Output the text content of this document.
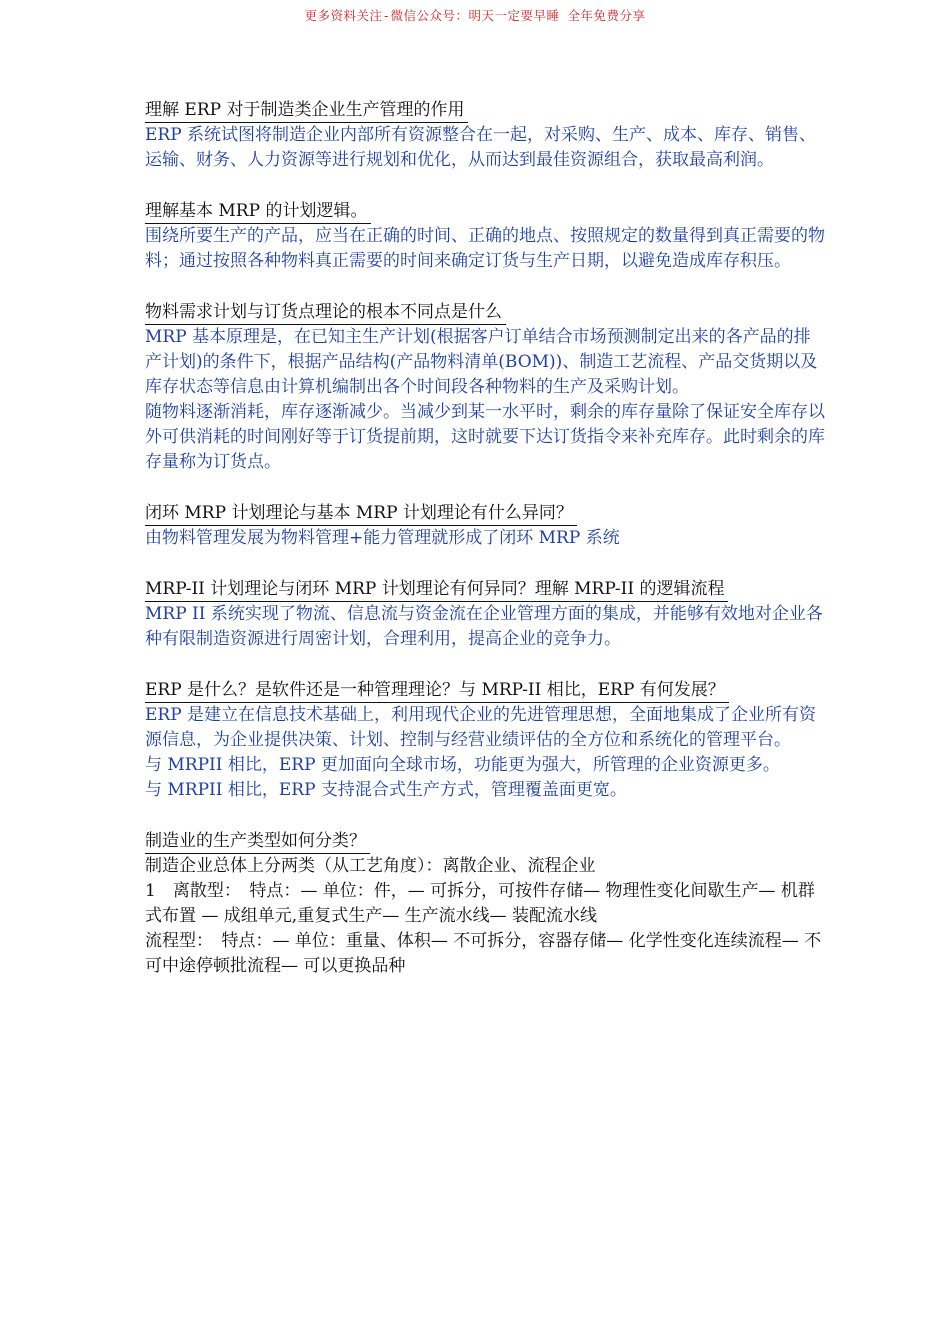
更多资料关注-微信公众号：明天一定要早睡 全年免费分享
理解 ERP 对于制造类企业生产管理的作用

ERP 系统试图将制造企业内部所有资源整合在一起，对采购、生产、成本、库存、销售、运输、财务、人力资源等进行规划和优化，从而达到最佳资源组合，获取最高利润。

理解基本 MRP 的计划逻辑。

围绕所要生产的产品，应当在正确的时间、正确的地点、按照规定的数量得到真正需要的物料；通过按照各种物料真正需要的时间来确定订货与生产日期，以避免造成库存积压。

物料需求计划与订货点理论的根本不同点是什么

MRP 基本原理是，在已知主生产计划(根据客户订单结合市场预测制定出来的各产品的排产计划)的条件下，根据产品结构(产品物料清单(BOM))、制造工艺流程、产品交货期以及库存状态等信息由计算机编制出各个时间段各种物料的生产及采购计划。

随物料逐渐消耗，库存逐渐减少。当减少到某一水平时，剩余的库存量除了保证安全库存以外可供消耗的时间刚好等于订货提前期，这时就要下达订货指令来补充库存。此时剩余的库存量称为订货点。

闭环 MRP 计划理论与基本 MRP 计划理论有什么异同？

由物料管理发展为物料管理+能力管理就形成了闭环 MRP 系统

MRP-II 计划理论与闭环 MRP 计划理论有何异同？理解 MRP-II 的逻辑流程

MRP II 系统实现了物流、信息流与资金流在企业管理方面的集成，并能够有效地对企业各种有限制造资源进行周密计划，合理利用，提高企业的竞争力。

ERP 是什么？是软件还是一种管理理论？与 MRP-II 相比，ERP 有何发展？

ERP 是建立在信息技术基础上，利用现代企业的先进管理思想，全面地集成了企业所有资源信息，为企业提供决策、计划、控制与经营业绩评估的全方位和系统化的管理平台。

与 MRPII 相比，ERP 更加面向全球市场，功能更为强大，所管理的企业资源更多。

与 MRPII 相比，ERP 支持混合式生产方式，管理覆盖面更宽。

制造业的生产类型如何分类？

制造企业总体上分两类（从工艺角度）：离散企业、流程企业

1　离散型：　特点：— 单位：件，— 可拆分，可按件存储— 物理性变化间歇生产— 机群式布置 — 成组单元,重复式生产— 生产流水线— 装配流水线

流程型：　特点：— 单位：重量、体积— 不可拆分，容器存储— 化学性变化连续流程— 不可中途停顿批流程— 可以更换品种
